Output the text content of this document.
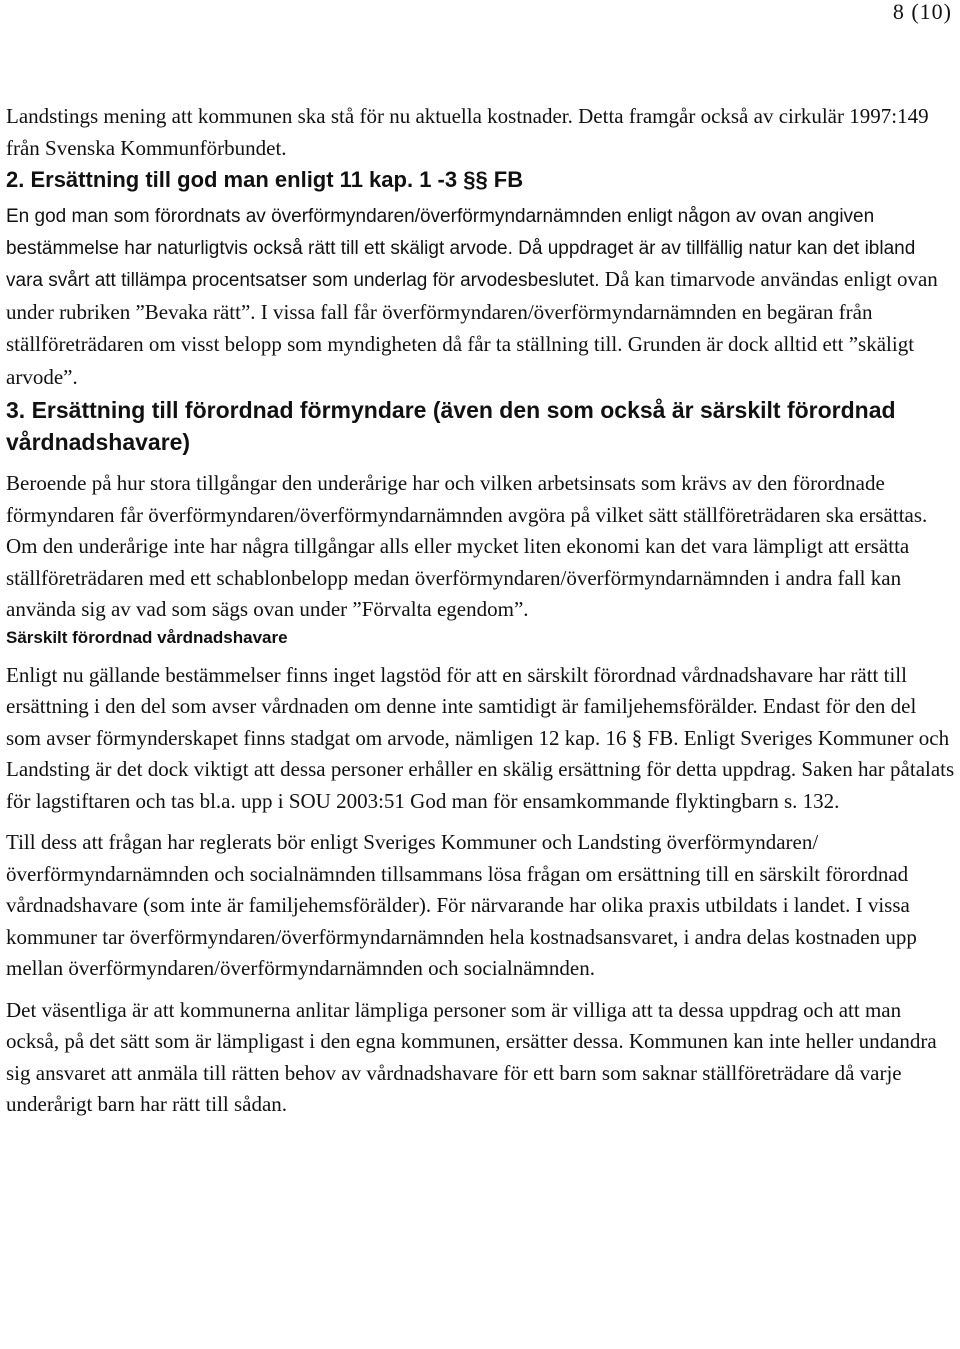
8 (10)

Landstings mening att kommunen ska stå för nu aktuella kostnader. Detta framgår också av cirkulär 1997:149 från Svenska Kommunförbundet.

2. Ersättning till god man enligt 11 kap. 1 -3 §§ FB

En god man som förordnats av överförmyndaren/överförmyndarnämnden enligt någon av ovan angiven bestämmelse har naturligtvis också rätt till ett skäligt arvode. Då uppdraget är av tillfällig natur kan det ibland vara svårt att tillämpa procentsatser som underlag för arvodesbeslutet. Då kan timarvode användas enligt ovan under rubriken ”Bevaka rätt”. I vissa fall får överförmyndaren/överförmyndarnämnden en begäran från ställföreträdaren om visst belopp som myndigheten då får ta ställning till. Grunden är dock alltid ett ”skäligt arvode”.

3. Ersättning till förordnad förmyndare (även den som också är särskilt förordnad vårdnadshavare)

Beroende på hur stora tillgångar den underårige har och vilken arbetsinsats som krävs av den förordnade förmyndaren får överförmyndaren/överförmyndarnämnden avgöra på vilket sätt ställföreträdaren ska ersättas. Om den underårige inte har några tillgångar alls eller mycket liten ekonomi kan det vara lämpligt att ersätta ställföreträdaren med ett schablonbelopp medan överförmyndaren/överförmyndarnämnden i andra fall kan använda sig av vad som sägs ovan under ”Förvalta egendom”.

Särskilt förordnad vårdnadshavare

Enligt nu gällande bestämmelser finns inget lagstöd för att en särskilt förordnad vårdnadshavare har rätt till ersättning i den del som avser vårdnaden om denne inte samtidigt är familjehemsförälder. Endast för den del som avser förmynderskapet finns stadgat om arvode, nämligen 12 kap. 16 § FB. Enligt Sveriges Kommuner och Landsting är det dock viktigt att dessa personer erhåller en skälig ersättning för detta uppdrag. Saken har påtalats för lagstiftaren och tas bl.a. upp i SOU 2003:51 God man för ensamkommande flyktingbarn s. 132.

Till dess att frågan har reglerats bör enligt Sveriges Kommuner och Landsting överförmyndaren/överförmyndarnämnden och socialnämnden tillsammans lösa frågan om ersättning till en särskilt förordnad vårdnadshavare (som inte är familjehemsförälder). För närvarande har olika praxis utbildats i landet. I vissa kommuner tar överförmyndaren/överförmyndarnämnden hela kostnadsansvaret, i andra delas kostnaden upp mellan överförmyndaren/överförmyndarnämnden och socialnämnden.

Det väsentliga är att kommunerna anlitar lämpliga personer som är villiga att ta dessa uppdrag och att man också, på det sätt som är lämpligast i den egna kommunen, ersätter dessa. Kommunen kan inte heller undandra sig ansvaret att anmäla till rätten behov av vårdnadshavare för ett barn som saknar ställföreträdare då varje underårigt barn har rätt till sådan.
